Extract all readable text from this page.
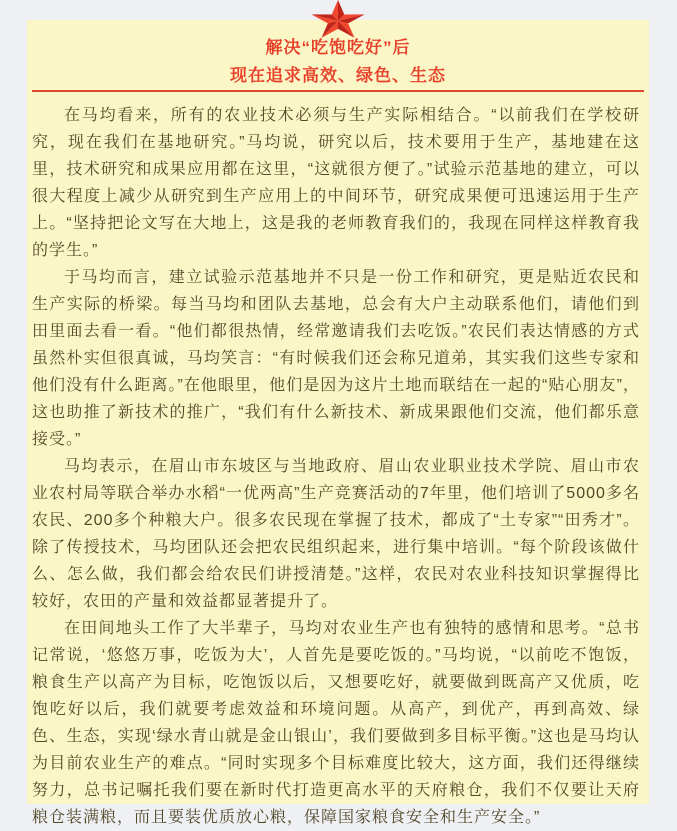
解决“吃饱吃好”后
现在追求高效、绿色、生态

在马均看来，所有的农业技术必须与生产实际相结合。“以前我们在学校研究，现在我们在基地研究。”马均说，研究以后，技术要用于生产，基地建在这里，技术研究和成果应用都在这里，“这就很方便了。”试验示范基地的建立，可以很大程度上减少从研究到生产应用上的中间环节，研究成果便可迅速运用于生产上。“坚持把论文写在大地上，这是我的老师教育我们的，我现在同样这样教育我的学生。”

于马均而言，建立试验示范基地并不只是一份工作和研究，更是贴近农民和生产实际的桥梁。每当马均和团队去基地，总会有大户主动联系他们，请他们到田里面去看一看。“他们都很热情，经常邀请我们去吃饭。”农民们表达情感的方式虽然朴实但很真诚，马均笑言：“有时候我们还会称兄道弟，其实我们这些专家和他们没有什么距离。”在他眼里，他们是因为这片土地而联结在一起的“贴心朋友”，这也助推了新技术的推广，“我们有什么新技术、新成果跟他们交流，他们都乐意接受。”

马均表示，在眉山市东坡区与当地政府、眉山农业职业技术学院、眉山市农业农村局等联合举办水稻“一优两高”生产竞赛活动的7年里，他们培训了5000多名农民、200多个种粮大户。很多农民现在掌握了技术，都成了“土专家”“田秀才”。除了传授技术，马均团队还会把农民组织起来，进行集中培训。“每个阶段该做什么、怎么做，我们都会给农民们讲授清楚。”这样，农民对农业科技知识掌握得比较好，农田的产量和效益都显著提升了。

在田间地头工作了大半辈子，马均对农业生产也有独特的感情和思考。“总书记常说，‘悠悠万事，吃饭为大’，人首先是要吃饭的。”马均说，“以前吃不饱饭，粮食生产以高产为目标，吃饱饭以后，又想要吃好，就要做到既高产又优质，吃饱吃好以后，我们就要考虑效益和环境问题。从高产，到优产，再到高效、绿色、生态，实现‘绿水青山就是金山银山’，我们要做到多目标平衡。”这也是马均认为目前农业生产的难点。“同时实现多个目标难度比较大，这方面，我们还得继续努力，总书记嘱托我们要在新时代打造更高水平的天府粮仓，我们不仅要让天府粮仓装满粮，而且要装优质放心粮，保障国家粮食安全和生产安全。”
